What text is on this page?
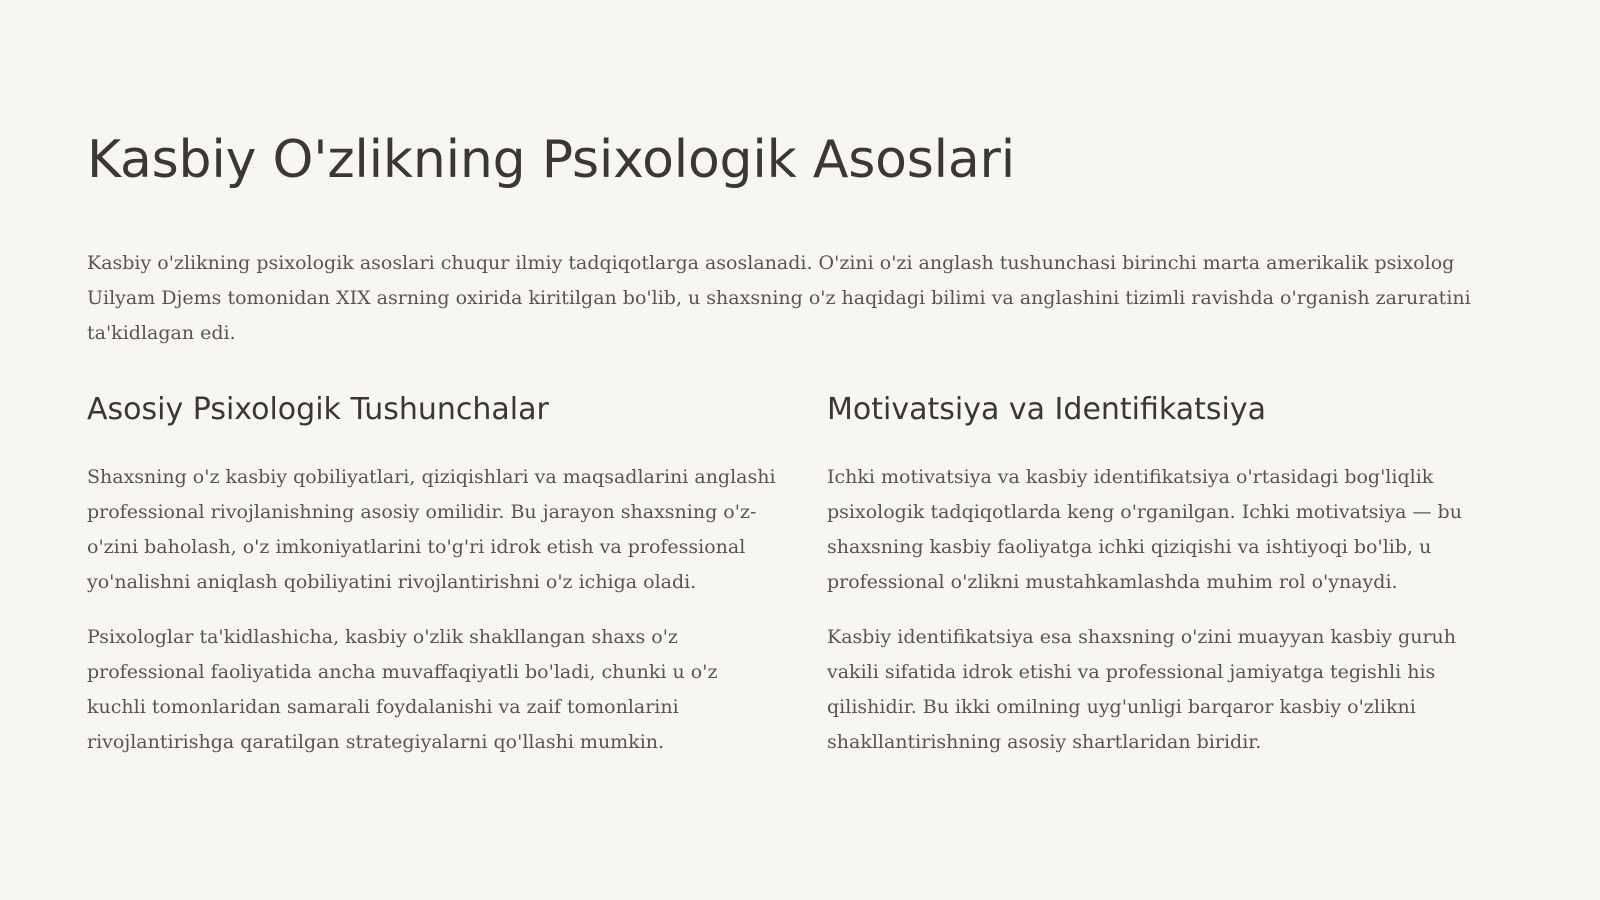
Kasbiy O'zlikning Psixologik Asoslari

Kasbiy o'zlikning psixologik asoslari chuqur ilmiy tadqiqotlarga asoslanadi. O'zini o'zi anglash tushunchasi birinchi marta amerikalik psixolog Uilyam Djems tomonidan XIX asrning oxirida kiritilgan bo'lib, u shaxsning o'z haqidagi bilimi va anglashini tizimli ravishda o'rganish zaruratini ta'kidlagan edi.

Asosiy Psixologik Tushunchalar

Shaxsning o'z kasbiy qobiliyatlari, qiziqishlari va maqsadlarini anglashi professional rivojlanishning asosiy omilidir. Bu jarayon shaxsning o'z-o'zini baholash, o'z imkoniyatlarini to'g'ri idrok etish va professional yo'nalishni aniqlash qobiliyatini rivojlantirishni o'z ichiga oladi.

Psixologlar ta'kidlashicha, kasbiy o'zlik shakllangan shaxs o'z professional faoliyatida ancha muvaffaqiyatli bo'ladi, chunki u o'z kuchli tomonlaridan samarali foydalanishi va zaif tomonlarini rivojlantirishga qaratilgan strategiyalarni qo'llashi mumkin.

Motivatsiya va Identifikatsiya

Ichki motivatsiya va kasbiy identifikatsiya o'rtasidagi bog'liqlik psixologik tadqiqotlarda keng o'rganilgan. Ichki motivatsiya — bu shaxsning kasbiy faoliyatga ichki qiziqishi va ishtiyoqi bo'lib, u professional o'zlikni mustahkamlashda muhim rol o'ynaydi.

Kasbiy identifikatsiya esa shaxsning o'zini muayyan kasbiy guruh vakili sifatida idrok etishi va professional jamiyatga tegishli his qilishidir. Bu ikki omilning uyg'unligi barqaror kasbiy o'zlikni shakllantirishning asosiy shartlaridan biridir.
